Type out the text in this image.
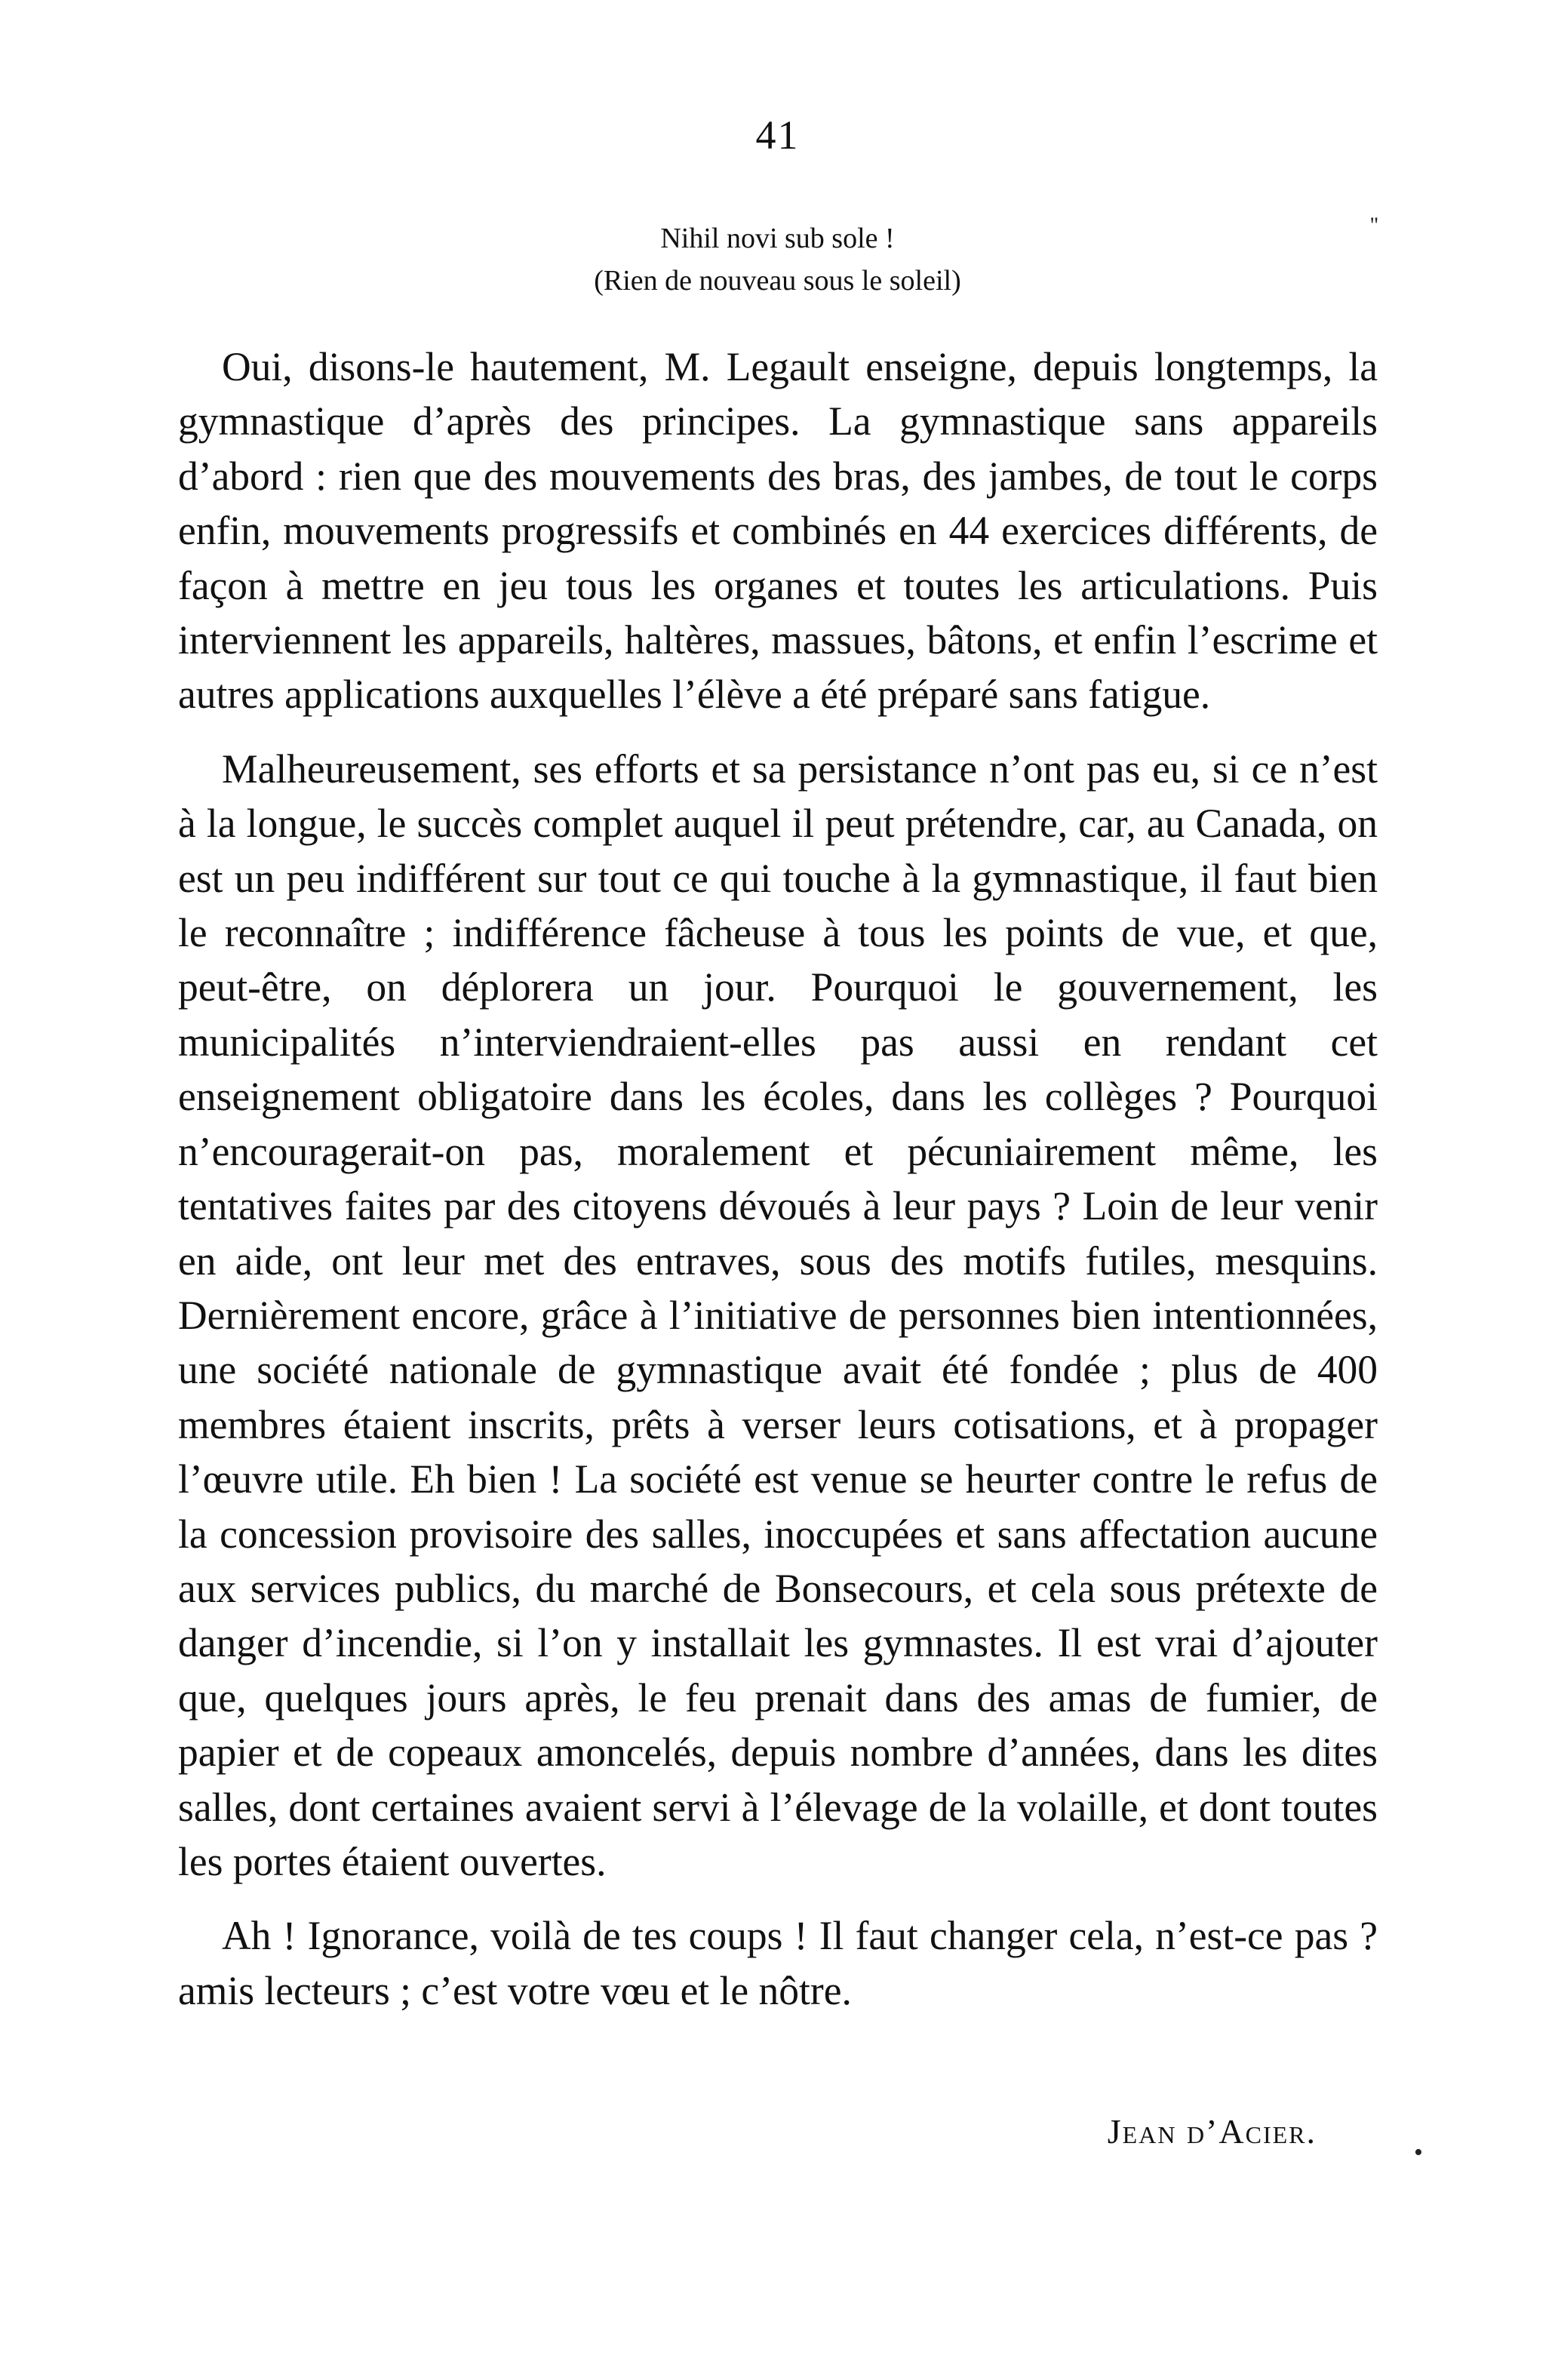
41
Nihil novi sub sole !
(Rien de nouveau sous le soleil)
''

Oui, disons-le hautement, M. Legault enseigne, depuis longtemps, la gymnastique d’après des principes. La gymnastique sans appareils d’abord : rien que des mouvements des bras, des jambes, de tout le corps enfin, mouvements progressifs et combinés en 44 exercices différents, de façon à mettre en jeu tous les organes et toutes les articulations. Puis interviennent les appareils, haltères, massues, bâtons, et enfin l’escrime et autres applications auxquelles l’élève a été préparé sans fatigue.

Malheureusement, ses efforts et sa persistance n’ont pas eu, si ce n’est à la longue, le succès complet auquel il peut prétendre, car, au Canada, on est un peu indifférent sur tout ce qui touche à la gymnastique, il faut bien le reconnaître ; indifférence fâcheuse à tous les points de vue, et que, peut-être, on déplorera un jour. Pourquoi le gouvernement, les municipalités n’interviendraient-elles pas aussi en rendant cet enseignement obligatoire dans les écoles, dans les collèges ? Pourquoi n’encouragerait-on pas, moralement et pécuniairement même, les tentatives faites par des citoyens dévoués à leur pays ? Loin de leur venir en aide, ont leur met des entraves, sous des motifs futiles, mesquins. Dernièrement encore, grâce à l’initiative de personnes bien intentionnées, une société nationale de gymnastique avait été fondée ; plus de 400 membres étaient inscrits, prêts à verser leurs cotisations, et à propager l’œuvre utile. Eh bien ! La société est venue se heurter contre le refus de la concession provisoire des salles, inoccupées et sans affectation aucune aux services publics, du marché de Bonsecours, et cela sous prétexte de danger d’incendie, si l’on y installait les gymnastes. Il est vrai d’ajouter que, quelques jours après, le feu prenait dans des amas de fumier, de papier et de copeaux amoncelés, depuis nombre d’années, dans les dites salles, dont certaines avaient servi à l’élevage de la volaille, et dont toutes les portes étaient ouvertes.

Ah ! Ignorance, voilà de tes coups ! Il faut changer cela, n’est-ce pas ? amis lecteurs ; c’est votre vœu et le nôtre.

Jean d’Acier.
•
